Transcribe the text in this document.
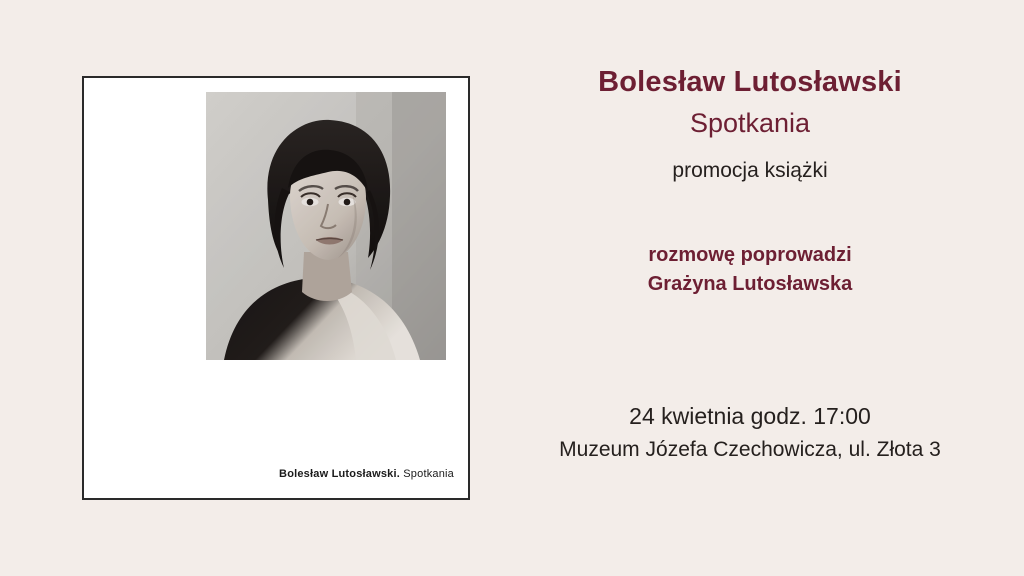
Bolesław Lutosławski. Spotkania
Bolesław Lutosławski
Spotkania
promocja książki
rozmowę poprowadzi
Grażyna Lutosławska
24 kwietnia godz. 17:00
Muzeum Józefa Czechowicza, ul. Złota 3
